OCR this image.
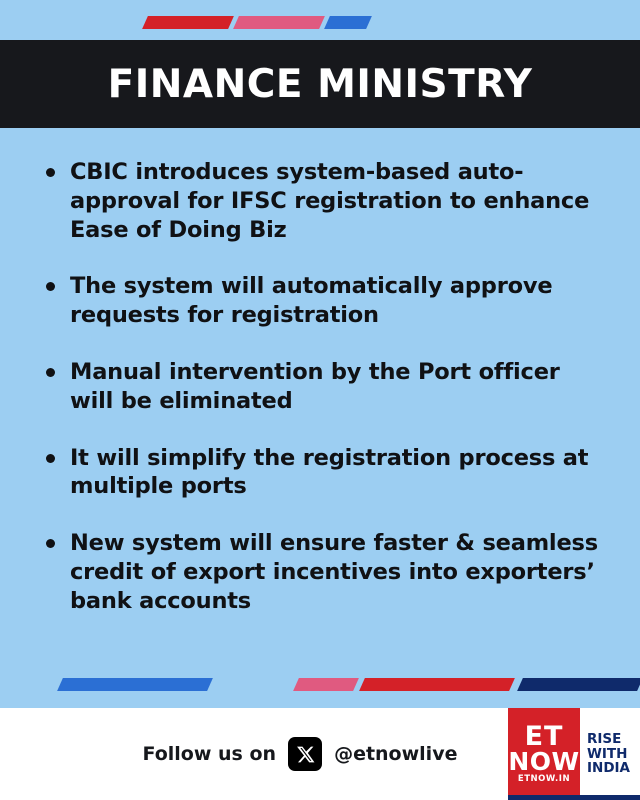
FINANCE MINISTRY
CBIC introduces system-based auto-approval for IFSC registration to enhance Ease of Doing Biz
The system will automatically approve requests for registration
Manual intervention by the Port officer will be eliminated
It will simplify the registration process at multiple ports
New system will ensure faster & seamless credit of export incentives into exporters’ bank accounts
Follow us on	@etnowlive
ET
NOW
ETNOW.IN
RISE
WITH
INDIA
